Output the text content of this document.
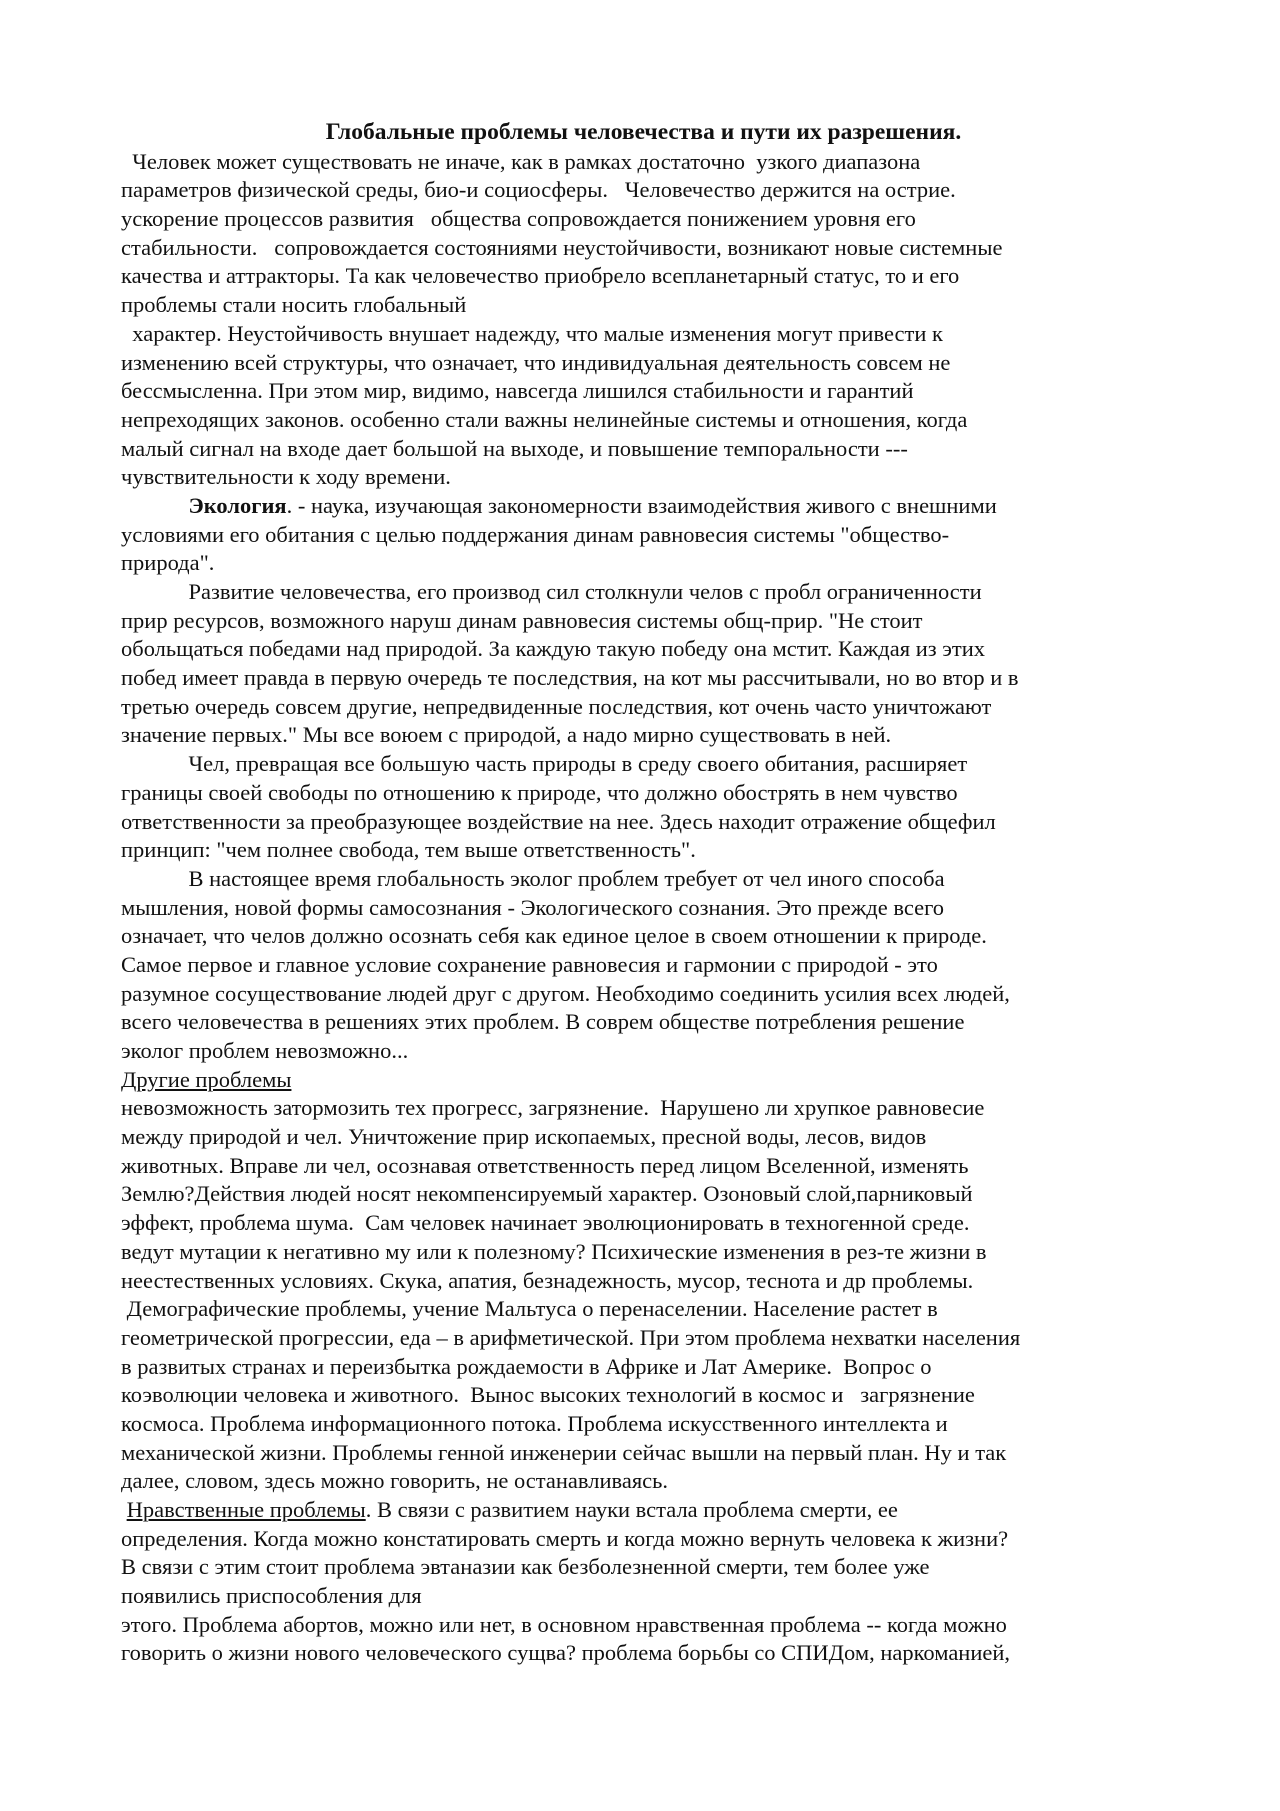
Глобальные проблемы человечества и пути их разрешения.
Человек может существовать не иначе, как в рамках достаточно  узкого диапазона
параметров физической среды, био-и социосферы.   Человечество держится на острие.
ускорение процессов развития   общества сопровождается понижением уровня его
стабильности.   сопровождается состояниями неустойчивости, возникают новые системные
качества и аттракторы. Та как человечество приобрело всепланетарный статус, то и его
проблемы стали носить глобальный
характер. Неустойчивость внушает надежду, что малые изменения могут привести к
изменению всей структуры, что означает, что индивидуальная деятельность совсем не
бессмысленна. При этом мир, видимо, навсегда лишился стабильности и гарантий
непреходящих законов. особенно стали важны нелинейные системы и отношения, когда
малый сигнал на входе дает большой на выходе, и повышение темпоральности ---
чувствительности к ходу времени.
Экология. - наука, изучающая закономерности взаимодействия живого с внешними
условиями его обитания с целью поддержания динам равновесия системы "общество-
природа".
Развитие человечества, его производ сил столкнули челов с пробл ограниченности
прир ресурсов, возможного наруш динам равновесия системы общ-прир. "Не стоит
обольщаться победами над природой. За каждую такую победу она мстит. Каждая из этих
побед имеет правда в первую очередь те последствия, на кот мы рассчитывали, но во втор и в
третью очередь совсем другие, непредвиденные последствия, кот очень часто уничтожают
значение первых." Мы все воюем с природой, а надо мирно существовать в ней.
Чел, превращая все большую часть природы в среду своего обитания, расширяет
границы своей свободы по отношению к природе, что должно обострять в нем чувство
ответственности за преобразующее воздействие на нее. Здесь находит отражение общефил
принцип: "чем полнее свобода, тем выше ответственность".
В настоящее время глобальность эколог проблем требует от чел иного способа
мышления, новой формы самосознания - Экологического сознания. Это прежде всего
означает, что челов должно осознать себя как единое целое в своем отношении к природе.
Самое первое и главное условие сохранение равновесия и гармонии с природой - это
разумное сосуществование людей друг с другом. Необходимо соединить усилия всех людей,
всего человечества в решениях этих проблем. В соврем обществе потребления решение
эколог проблем невозможно...
Другие проблемы
невозможность затормозить тех прогресс, загрязнение.  Нарушено ли хрупкое равновесие
между природой и чел. Уничтожение прир ископаемых, пресной воды, лесов, видов
животных. Вправе ли чел, осознавая ответственность перед лицом Вселенной, изменять
Землю?Действия людей носят некомпенсируемый характер. Озоновый слой,парниковый
эффект, проблема шума.  Сам человек начинает эволюционировать в техногенной среде.
ведут мутации к негативно му или к полезному? Психические изменения в рез-те жизни в
неестественных условиях. Скука, апатия, безнадежность, мусор, теснота и др проблемы.
Демографические проблемы, учение Мальтуса о перенаселении. Население растет в
геометрической прогрессии, еда – в арифметической. При этом проблема нехватки населения
в развитых странах и переизбытка рождаемости в Африке и Лат Америке.  Вопрос о
коэволюции человека и животного.  Вынос высоких технологий в космос и   загрязнение
космоса. Проблема информационного потока. Проблема искусственного интеллекта и
механической жизни. Проблемы генной инженерии сейчас вышли на первый план. Ну и так
далее, словом, здесь можно говорить, не останавливаясь.
Нравственные проблемы. В связи с развитием науки встала проблема смерти, ее
определения. Когда можно констатировать смерть и когда можно вернуть человека к жизни?
В связи с этим стоит проблема эвтаназии как безболезненной смерти, тем более уже
появились приспособления для
этого. Проблема абортов, можно или нет, в основном нравственная проблема -- когда можно
говорить о жизни нового человеческого сущва? проблема борьбы со СПИДом, наркоманией,
